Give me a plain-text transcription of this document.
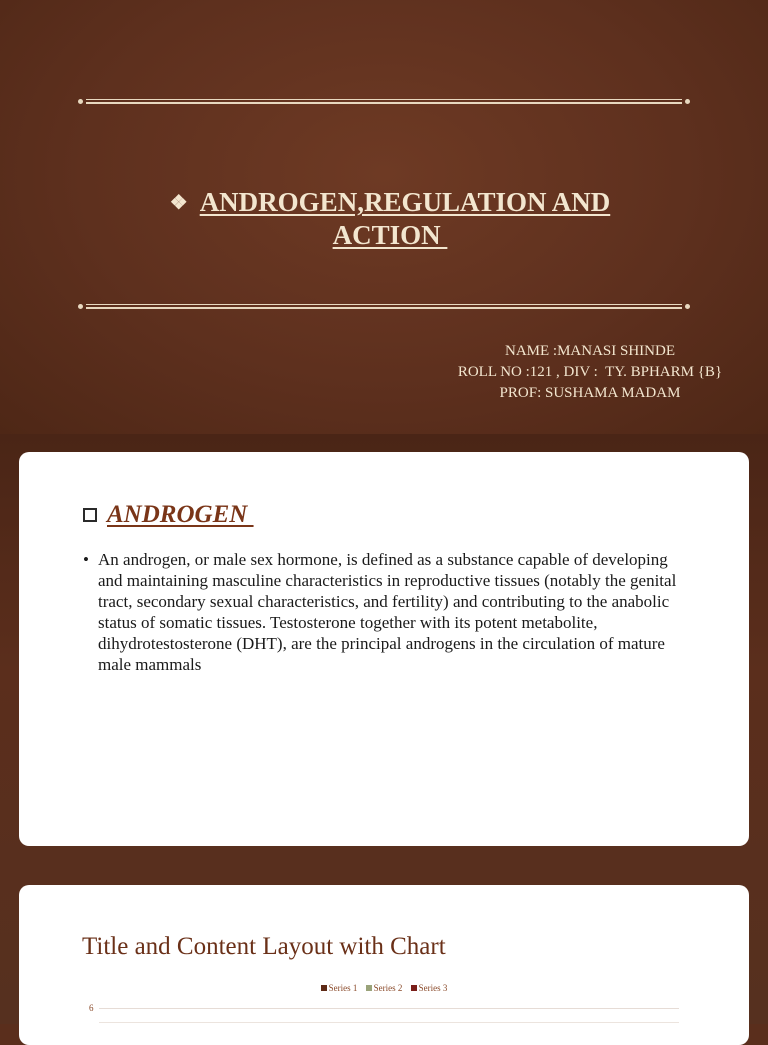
❖ ANDROGEN,REGULATION AND
ACTION
NAME :MANASI SHINDE
ROLL NO :121 , DIV :  TY. BPHARM {B}
PROF: SUSHAMA MADAM
ANDROGEN
• An androgen, or male sex hormone, is defined as a substance capable of developing and maintaining masculine characteristics in reproductive tissues (notably the genital tract, secondary sexual characteristics, and fertility) and contributing to the anabolic status of somatic tissues. Testosterone together with its potent metabolite, dihydrotestosterone (DHT), are the principal androgens in the circulation of mature male mammals
Title and Content Layout with Chart
Series 1 Series 2 Series 3
6
